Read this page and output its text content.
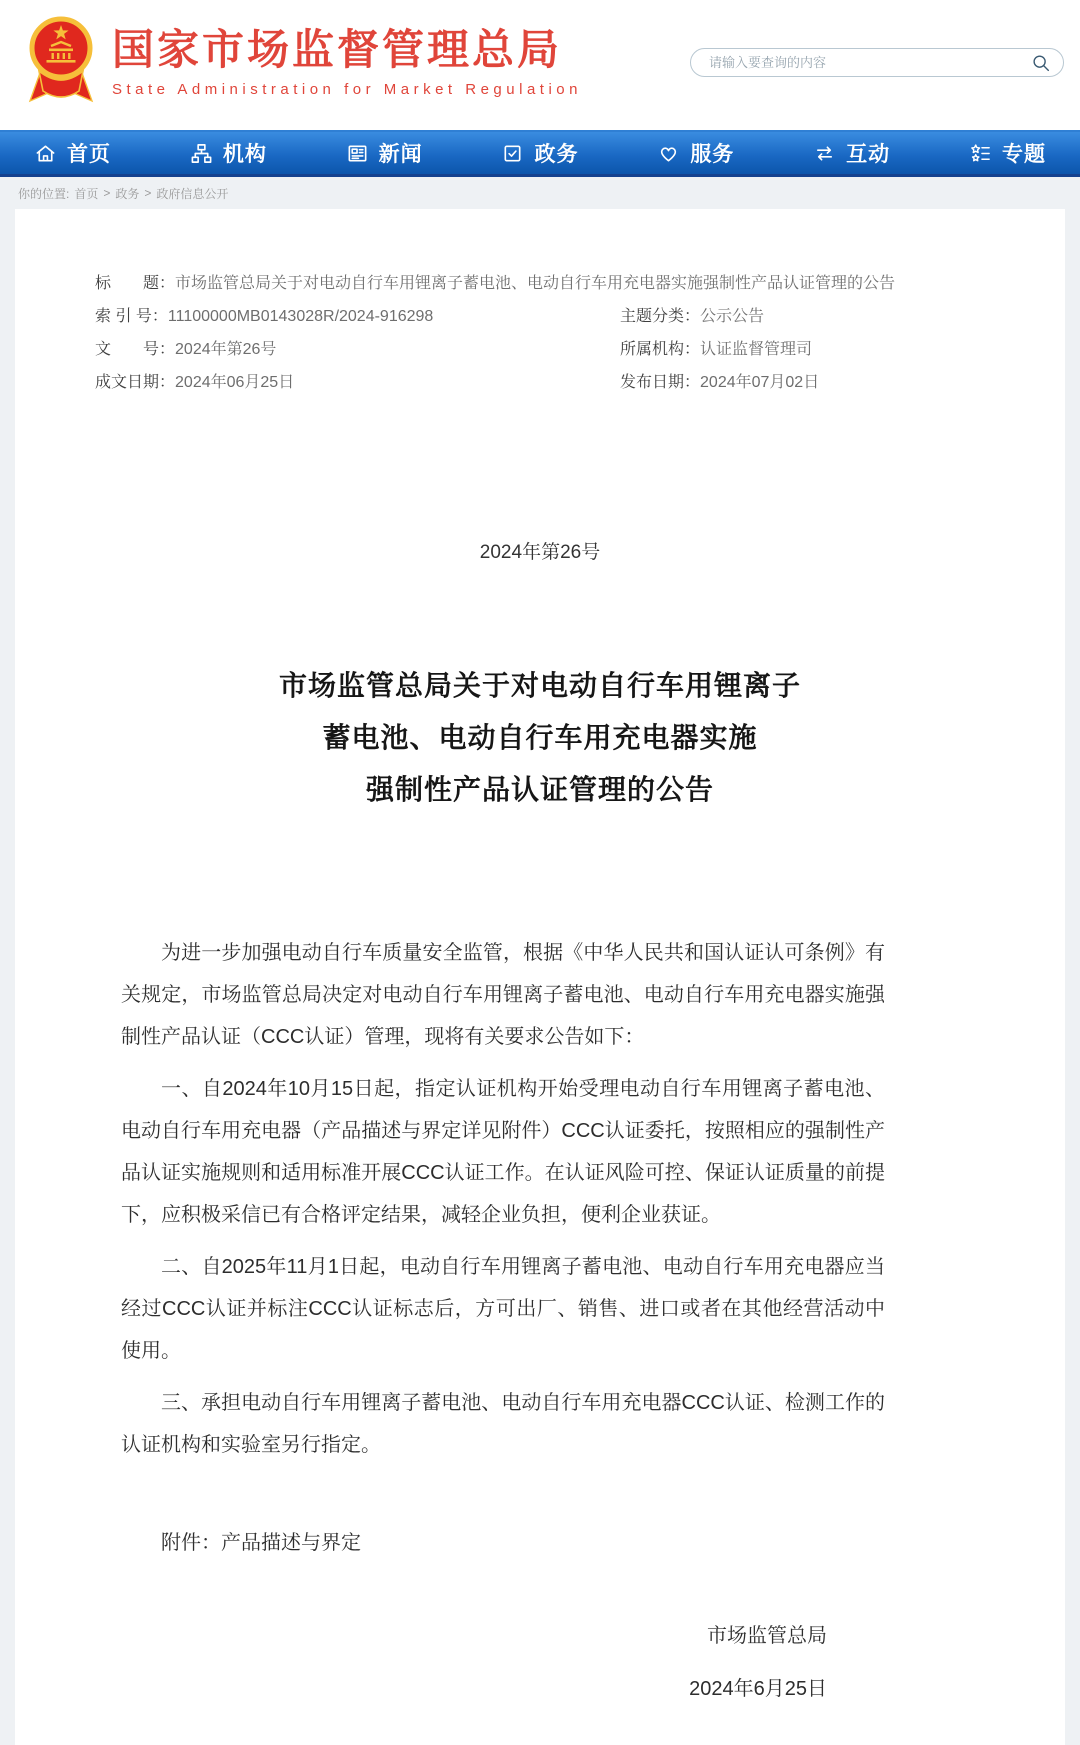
国家市场监督管理总局
State Administration for Market Regulation
请输入要查询的内容
首页	机构	新闻	政务	服务	互动	专题
你的位置: 首页 > 政务 > 政府信息公开
标　　题： 市场监管总局关于对电动自行车用锂离子蓄电池、电动自行车用充电器实施强制性产品认证管理的公告
索 引 号： 11100000MB0143028R/2024-916298	主题分类： 公示公告
文　　号： 2024年第26号	所属机构： 认证监督管理司
成文日期： 2024年06月25日	发布日期： 2024年07月02日
2024年第26号
市场监管总局关于对电动自行车用锂离子
蓄电池、电动自行车用充电器实施
强制性产品认证管理的公告

为进一步加强电动自行车质量安全监管，根据《中华人民共和国认证认可条例》有关规定，市场监管总局决定对电动自行车用锂离子蓄电池、电动自行车用充电器实施强制性产品认证（CCC认证）管理，现将有关要求公告如下：

一、自2024年10月15日起，指定认证机构开始受理电动自行车用锂离子蓄电池、电动自行车用充电器（产品描述与界定详见附件）CCC认证委托，按照相应的强制性产品认证实施规则和适用标准开展CCC认证工作。在认证风险可控、保证认证质量的前提下，应积极采信已有合格评定结果，减轻企业负担，便利企业获证。

二、自2025年11月1日起，电动自行车用锂离子蓄电池、电动自行车用充电器应当经过CCC认证并标注CCC认证标志后，方可出厂、销售、进口或者在其他经营活动中使用。

三、承担电动自行车用锂离子蓄电池、电动自行车用充电器CCC认证、检测工作的认证机构和实验室另行指定。

附件：产品描述与界定
市场监管总局
2024年6月25日
